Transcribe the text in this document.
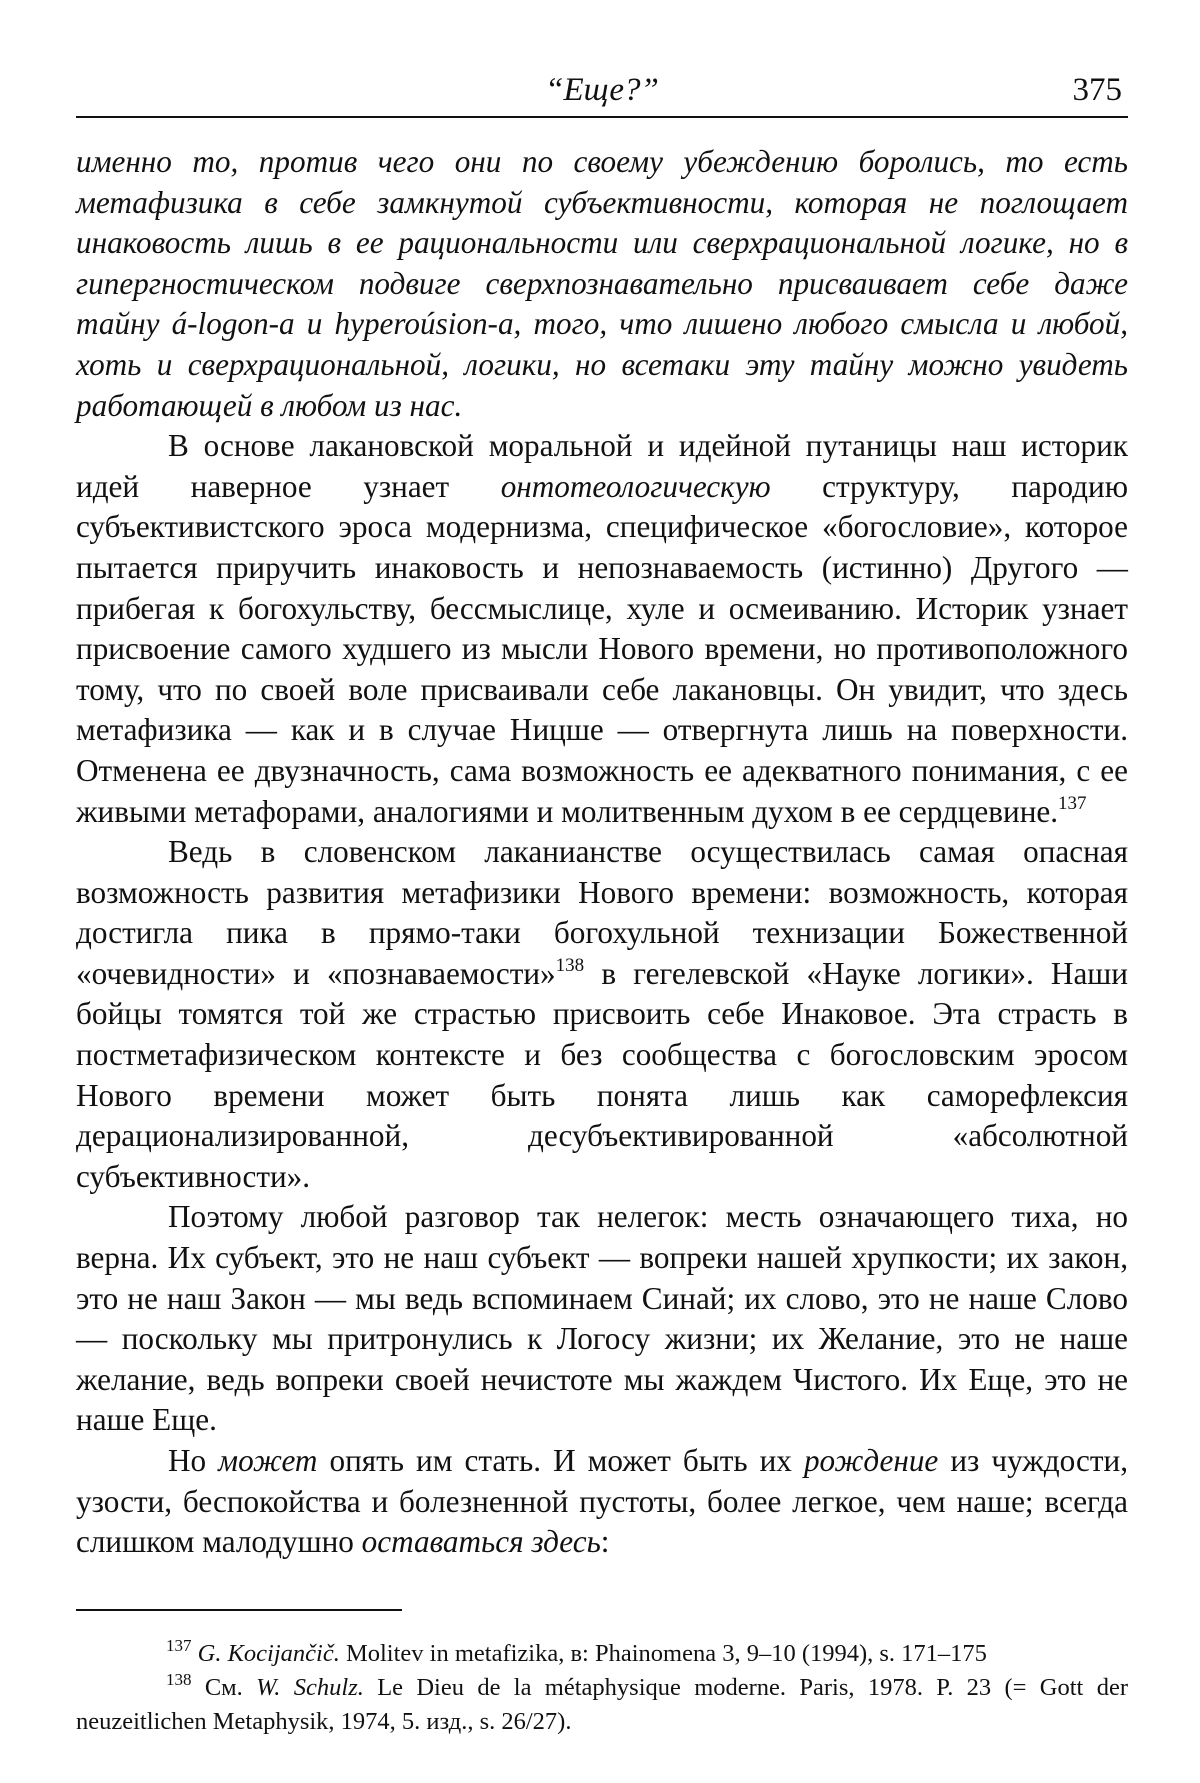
“Еще?”	375

именно то, против чего они по своему убеждению боролись, то есть метафизика в себе замкнутой субъективности, которая не поглощает инаковость лишь в ее рациональности или сверхрациональной логике, но в гипергностическом подвиге сверхпознавательно присваивает себе даже тайну á-logon-а и hyperoúsion-а, того, что лишено любого смысла и любой, хоть и сверхрациональной, логики, но всетаки эту тайну можно увидеть работающей в любом из нас.

В основе лакановской моральной и идейной путаницы наш историк идей наверное узнает онтотеологическую структуру, пародию субъективистского эроса модернизма, специфическое «богословие», которое пытается приручить инаковость и непознаваемость (истинно) Другого — прибегая к богохульству, бессмыслице, хуле и осмеиванию. Историк узнает присвоение самого худшего из мысли Нового времени, но противоположного тому, что по своей воле присваивали себе лакановцы. Он увидит, что здесь метафизика — как и в случае Ницше — отвергнута лишь на поверхности. Отменена ее двузначность, сама возможность ее адекватного понимания, с ее живыми метафорами, аналогиями и молитвенным духом в ее сердцевине.$^{137}$

Ведь в словенском лаканианстве осуществилась самая опасная возможность развития метафизики Нового времени: возможность, которая достигла пика в прямо-таки богохульной технизации Божественной «очевидности» и «познаваемости»$^{138}$ в гегелевской «Науке логики». Наши бойцы томятся той же страстью присвоить себе Инаковое. Эта страсть в постметафизическом контексте и без сообщества с богословским эросом Нового времени может быть понята лишь как саморефлексия дерационализированной, десубъективированной «абсолютной субъективности».

Поэтому любой разговор так нелегок: месть означающего тиха, но верна. Их субъект, это не наш субъект — вопреки нашей хрупкости; их закон, это не наш Закон — мы ведь вспоминаем Синай; их слово, это не наше Слово — поскольку мы притронулись к Логосу жизни; их Желание, это не наше желание, ведь вопреки своей нечистоте мы жаждем Чистого. Их Еще, это не наше Еще.

Но может опять им стать. И может быть их рождение из чуждости, узости, беспокойства и болезненной пустоты, более легкое, чем наше; всегда слишком малодушно оставаться здесь:

$^{137}$ G. Kocijančič. Molitev in metafizika, в: Phainomena 3, 9–10 (1994), s. 171–175

$^{138}$ См. W. Schulz. Le Dieu de la métaphysique moderne. Paris, 1978. P. 23 (= Gott der neuzeitlichen Metaphysik, 1974, 5. изд., s. 26/27).
